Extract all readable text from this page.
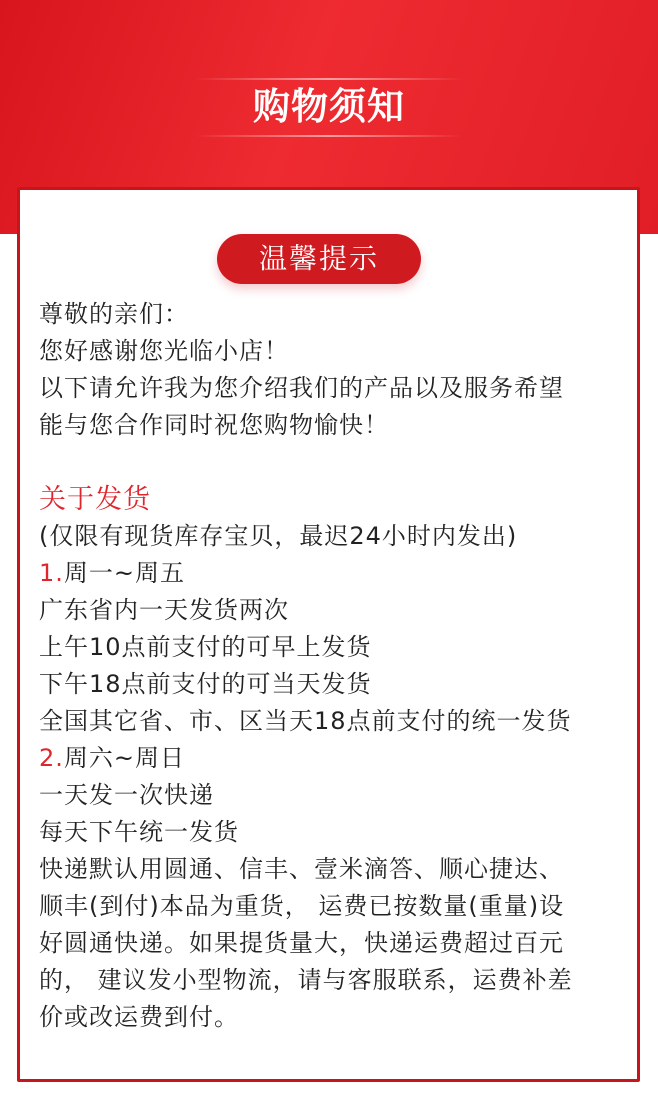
购物须知
温馨提示
尊敬的亲们：
您好感谢您光临小店！
以下请允许我为您介绍我们的产品以及服务希望
能与您合作同时祝您购物愉快！
关于发货
(仅限有现货库存宝贝，最迟24小时内发出)
1.周一~周五
广东省内一天发货两次
上午10点前支付的可早上发货
下午18点前支付的可当天发货
全国其它省、市、区当天18点前支付的统一发货
2.周六~周日
一天发一次快递
每天下午统一发货
快递默认用圆通、信丰、壹米滴答、顺心捷达、
顺丰(到付)本品为重货， 运费已按数量(重量)设
好圆通快递。如果提货量大，快递运费超过百元
的， 建议发小型物流，请与客服联系，运费补差
价或改运费到付。
